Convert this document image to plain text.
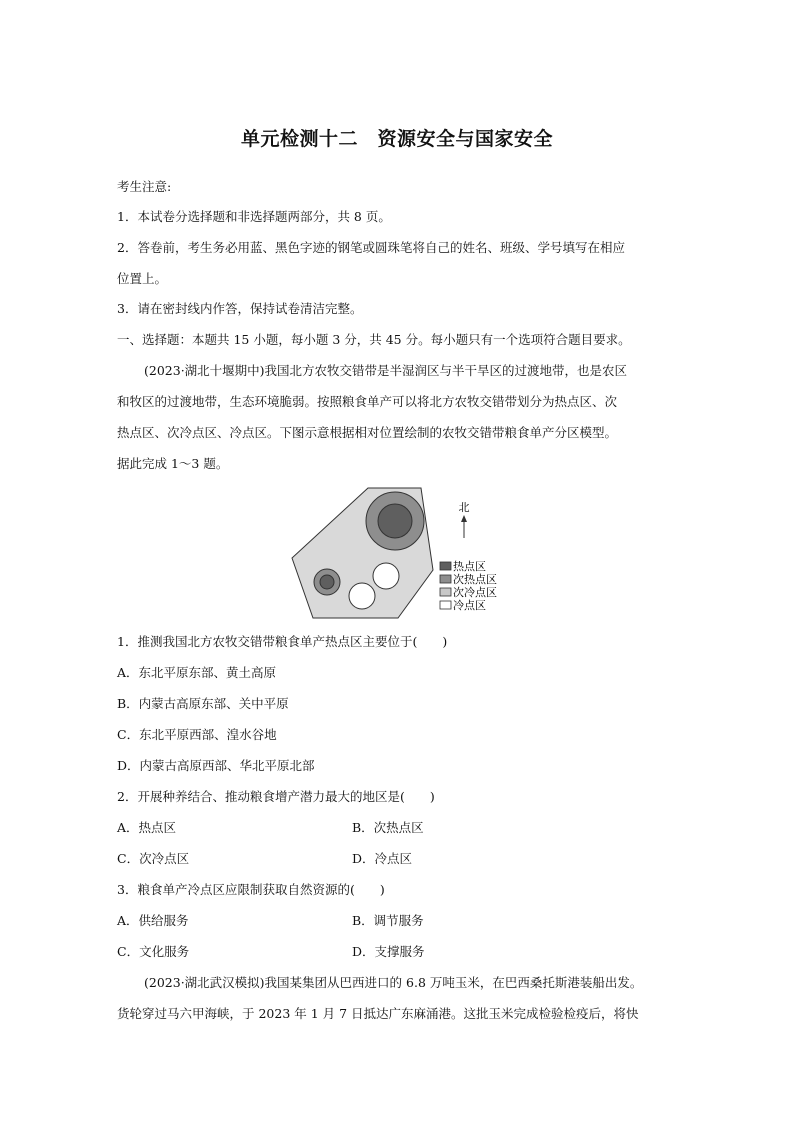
单元检测十二　资源安全与国家安全
考生注意:
1．本试卷分选择题和非选择题两部分，共 8 页。
2．答卷前，考生务必用蓝、黑色字迹的钢笔或圆珠笔将自己的姓名、班级、学号填写在相应
位置上。
3．请在密封线内作答，保持试卷清洁完整。
一、选择题：本题共 15 小题，每小题 3 分，共 45 分。每小题只有一个选项符合题目要求。
(2023·湖北十堰期中)我国北方农牧交错带是半湿润区与半干旱区的过渡地带，也是农区
和牧区的过渡地带，生态环境脆弱。按照粮食单产可以将北方农牧交错带划分为热点区、次
热点区、次冷点区、冷点区。下图示意根据相对位置绘制的农牧交错带粮食单产分区模型。
据此完成 1～3 题。
北
热点区
次热点区
次冷点区
冷点区
1．推测我国北方农牧交错带粮食单产热点区主要位于(　　)
A．东北平原东部、黄土高原
B．内蒙古高原东部、关中平原
C．东北平原西部、湟水谷地
D．内蒙古高原西部、华北平原北部
2．开展种养结合、推动粮食增产潜力最大的地区是(　　)
A．热点区	B．次热点区
C．次冷点区	D．冷点区
3．粮食单产冷点区应限制获取自然资源的(　　)
A．供给服务	B．调节服务
C．文化服务	D．支撑服务
(2023·湖北武汉模拟)我国某集团从巴西进口的 6.8 万吨玉米，在巴西桑托斯港装船出发。
货轮穿过马六甲海峡，于 2023 年 1 月 7 日抵达广东麻涌港。这批玉米完成检验检疫后，将快
